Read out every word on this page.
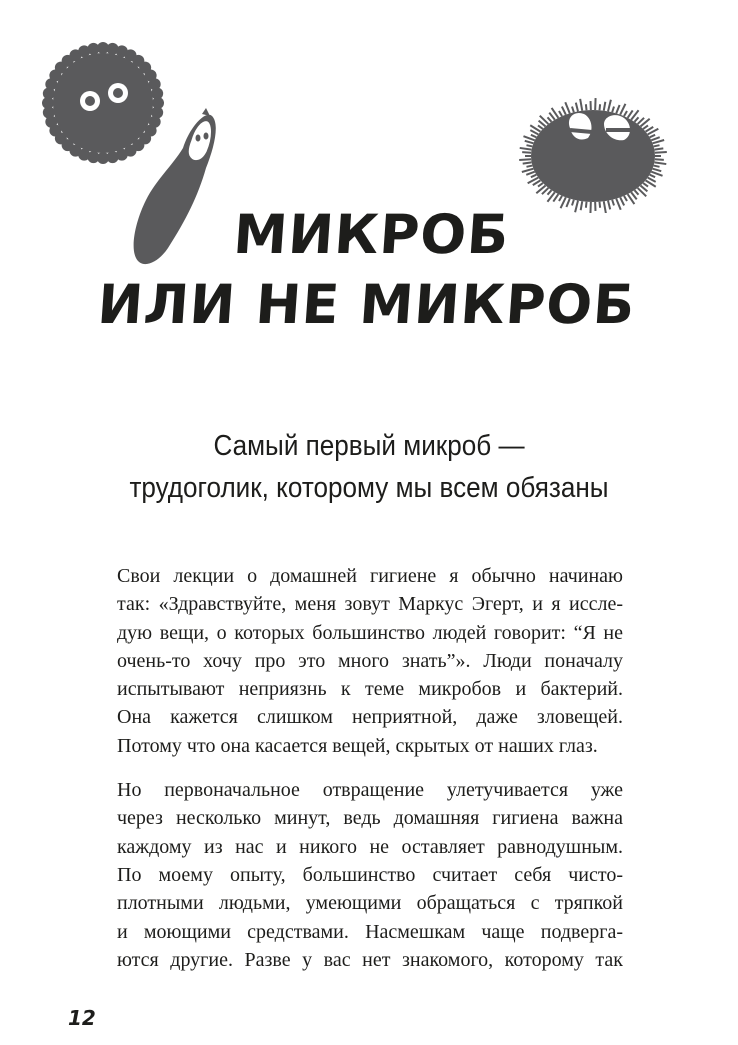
МИКРОБ
ИЛИ НЕ МИКРОБ
Самый первый микроб —
трудоголик, которому мы всем обязаны

Свои лекции о домашней гигиене я обычно начинаю
так: «Здравствуйте, меня зовут Маркус Эгерт, и я иссле-
дую вещи, о которых большинство людей говорит: “Я не
очень-то хочу про это много знать”». Люди поначалу
испытывают неприязнь к теме микробов и бактерий.
Она кажется слишком неприятной, даже зловещей.
Потому что она касается вещей, скрытых от наших глаз.

Но первоначальное отвращение улетучивается уже
через несколько минут, ведь домашняя гигиена важна
каждому из нас и никого не оставляет равнодушным.
По моему опыту, большинство считает себя чисто-
плотными людьми, умеющими обращаться с тряпкой
и моющими средствами. Насмешкам чаще подверга-
ются другие. Разве у вас нет знакомого, которому так

12
